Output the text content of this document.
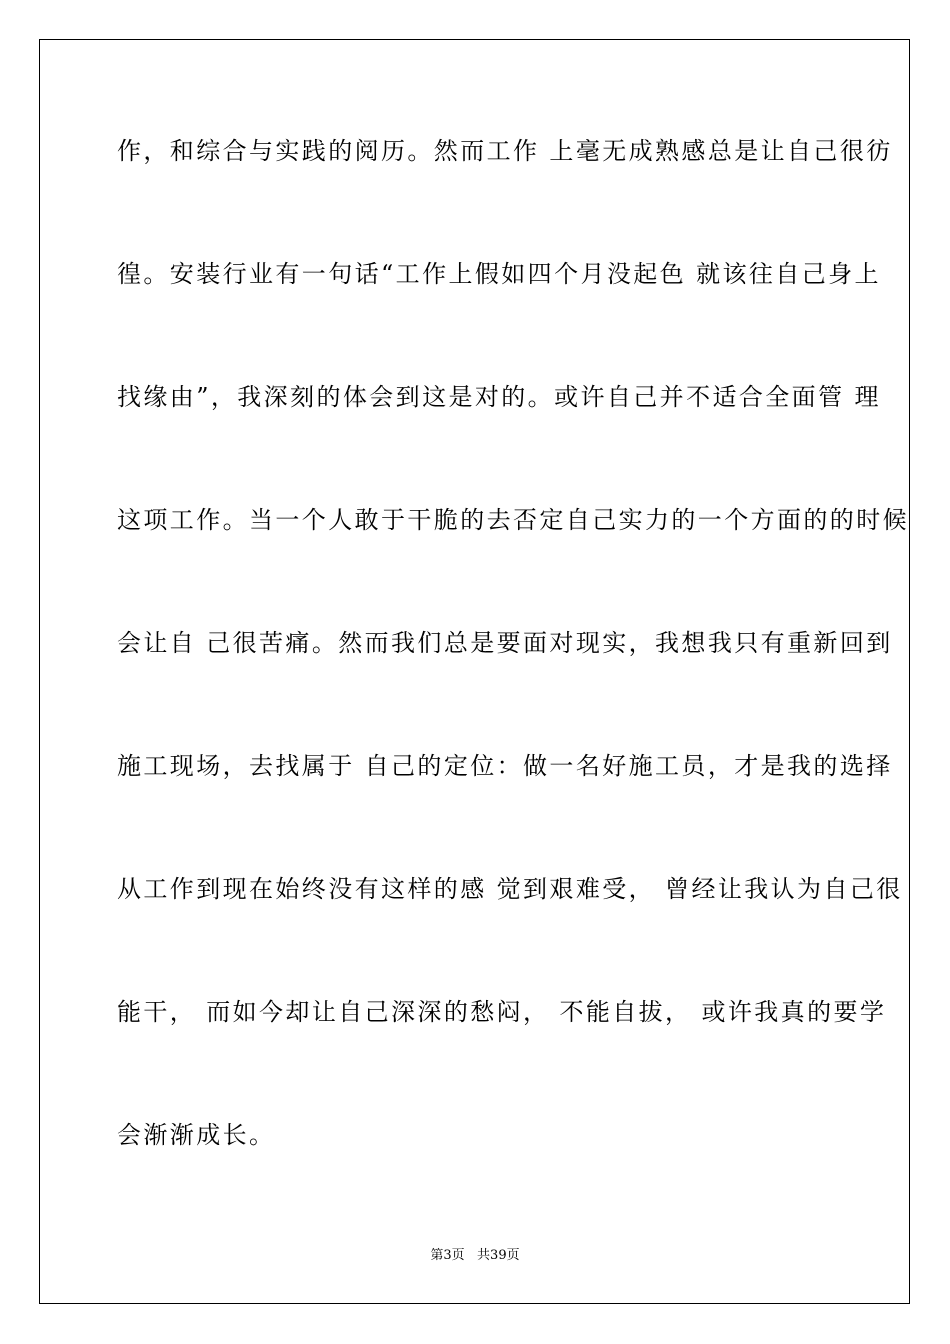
作，和综合与实践的阅历。然而工作 上毫无成熟感总是让自己很彷
徨。安装行业有一句话“工作上假如四个月没起色 就该往自己身上
找缘由”，我深刻的体会到这是对的。或许自己并不适合全面管 理
这项工作。当一个人敢于干脆的去否定自己实力的一个方面的的时候
会让自 己很苦痛。然而我们总是要面对现实，我想我只有重新回到
施工现场，去找属于 自己的定位：做一名好施工员，才是我的选择
从工作到现在始终没有这样的感 觉到艰难受， 曾经让我认为自己很
能干， 而如今却让自己深深的愁闷， 不能自拔， 或许我真的要学
会渐渐成长。
第3页   共39页
